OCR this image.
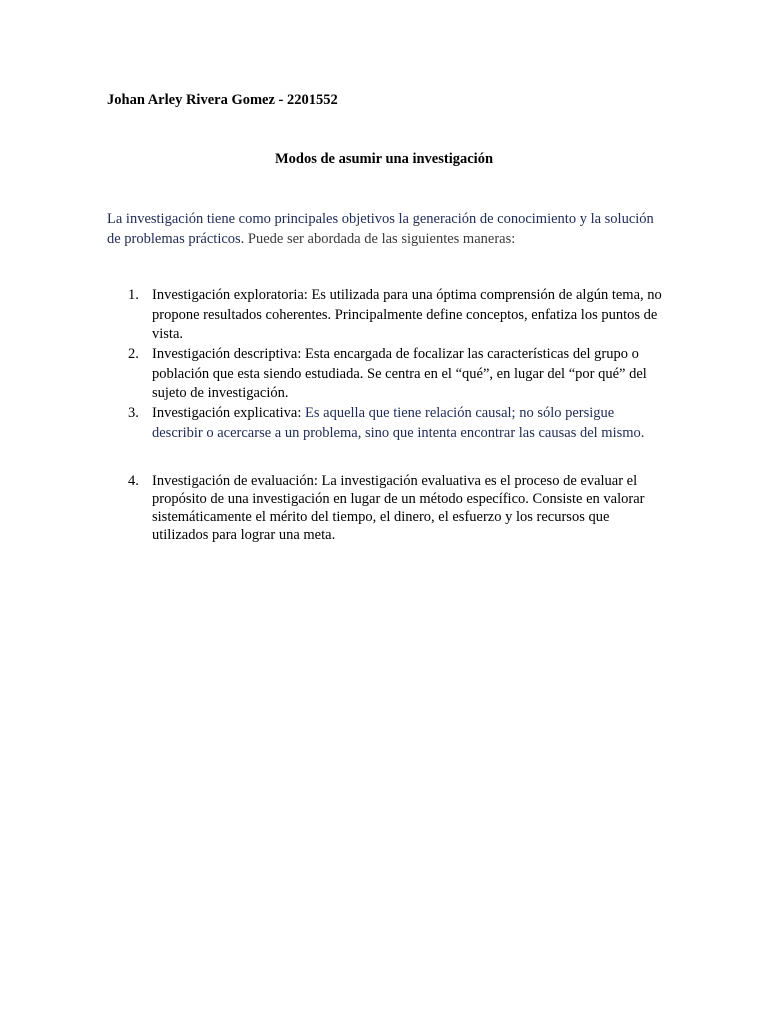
Johan Arley Rivera Gomez - 2201552
Modos de asumir una investigación
La investigación tiene como principales objetivos la generación de conocimiento y la solución de problemas prácticos. Puede ser abordada de las siguientes maneras:
1. Investigación exploratoria: Es utilizada para una óptima comprensión de algún tema, no propone resultados coherentes. Principalmente define conceptos, enfatiza los puntos de vista.
2. Investigación descriptiva: Esta encargada de focalizar las características del grupo o población que esta siendo estudiada. Se centra en el “qué”, en lugar del “por qué” del sujeto de investigación.
3. Investigación explicativa: Es aquella que tiene relación causal; no sólo persigue describir o acercarse a un problema, sino que intenta encontrar las causas del mismo.
4. Investigación de evaluación: La investigación evaluativa es el proceso de evaluar el propósito de una investigación en lugar de un método específico. Consiste en valorar sistemáticamente el mérito del tiempo, el dinero, el esfuerzo y los recursos que utilizados para lograr una meta.
